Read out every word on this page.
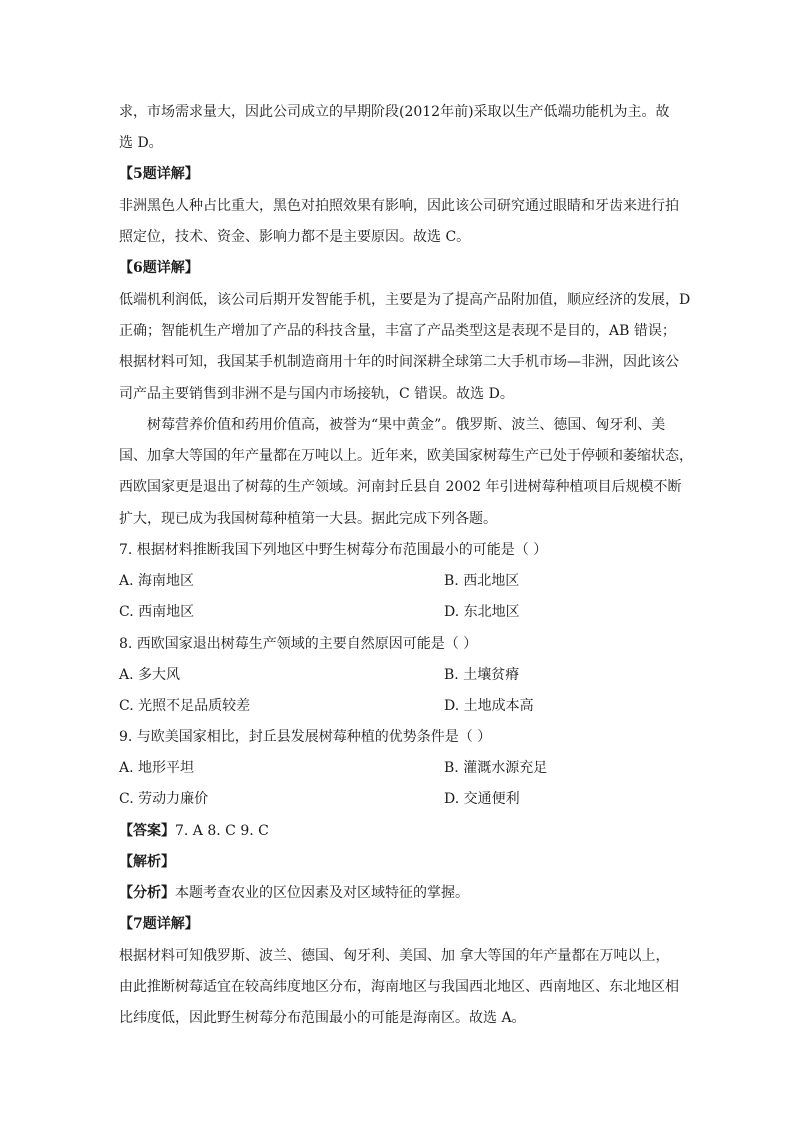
求，市场需求量大，因此公司成立的早期阶段(2012年前)采取以生产低端功能机为主。故
选 D。
【5题详解】
非洲黑色人种占比重大，黑色对拍照效果有影响，因此该公司研究通过眼睛和牙齿来进行拍
照定位，技术、资金、影响力都不是主要原因。故选 C。
【6题详解】
低端机利润低，该公司后期开发智能手机，主要是为了提高产品附加值，顺应经济的发展，D
正确；智能机生产增加了产品的科技含量，丰富了产品类型这是表现不是目的，AB 错误；
根据材料可知，我国某手机制造商用十年的时间深耕全球第二大手机市场—非洲，因此该公
司产品主要销售到非洲不是与国内市场接轨，C 错误。故选 D。
树莓营养价值和药用价值高，被誉为“果中黄金”。俄罗斯、波兰、德国、匈牙利、美
国、加拿大等国的年产量都在万吨以上。近年来，欧美国家树莓生产已处于停顿和萎缩状态，
西欧国家更是退出了树莓的生产领域。河南封丘县自 2002 年引进树莓种植项目后规模不断
扩大，现已成为我国树莓种植第一大县。据此完成下列各题。
7. 根据材料推断我国下列地区中野生树莓分布范围最小的可能是（ ）
A. 海南地区	B. 西北地区
C. 西南地区	D. 东北地区
8. 西欧国家退出树莓生产领域的主要自然原因可能是（ ）
A. 多大风	B. 土壤贫瘠
C. 光照不足品质较差	D. 土地成本高
9. 与欧美国家相比，封丘县发展树莓种植的优势条件是（ ）
A. 地形平坦	B. 灌溉水源充足
C. 劳动力廉价	D. 交通便利
【答案】7. A 8. C 9. C
【解析】
【分析】本题考查农业的区位因素及对区域特征的掌握。
【7题详解】
根据材料可知俄罗斯、波兰、德国、匈牙利、美国、加 拿大等国的年产量都在万吨以上，
由此推断树莓适宜在较高纬度地区分布，海南地区与我国西北地区、西南地区、东北地区相
比纬度低，因此野生树莓分布范围最小的可能是海南区。故选 A。
